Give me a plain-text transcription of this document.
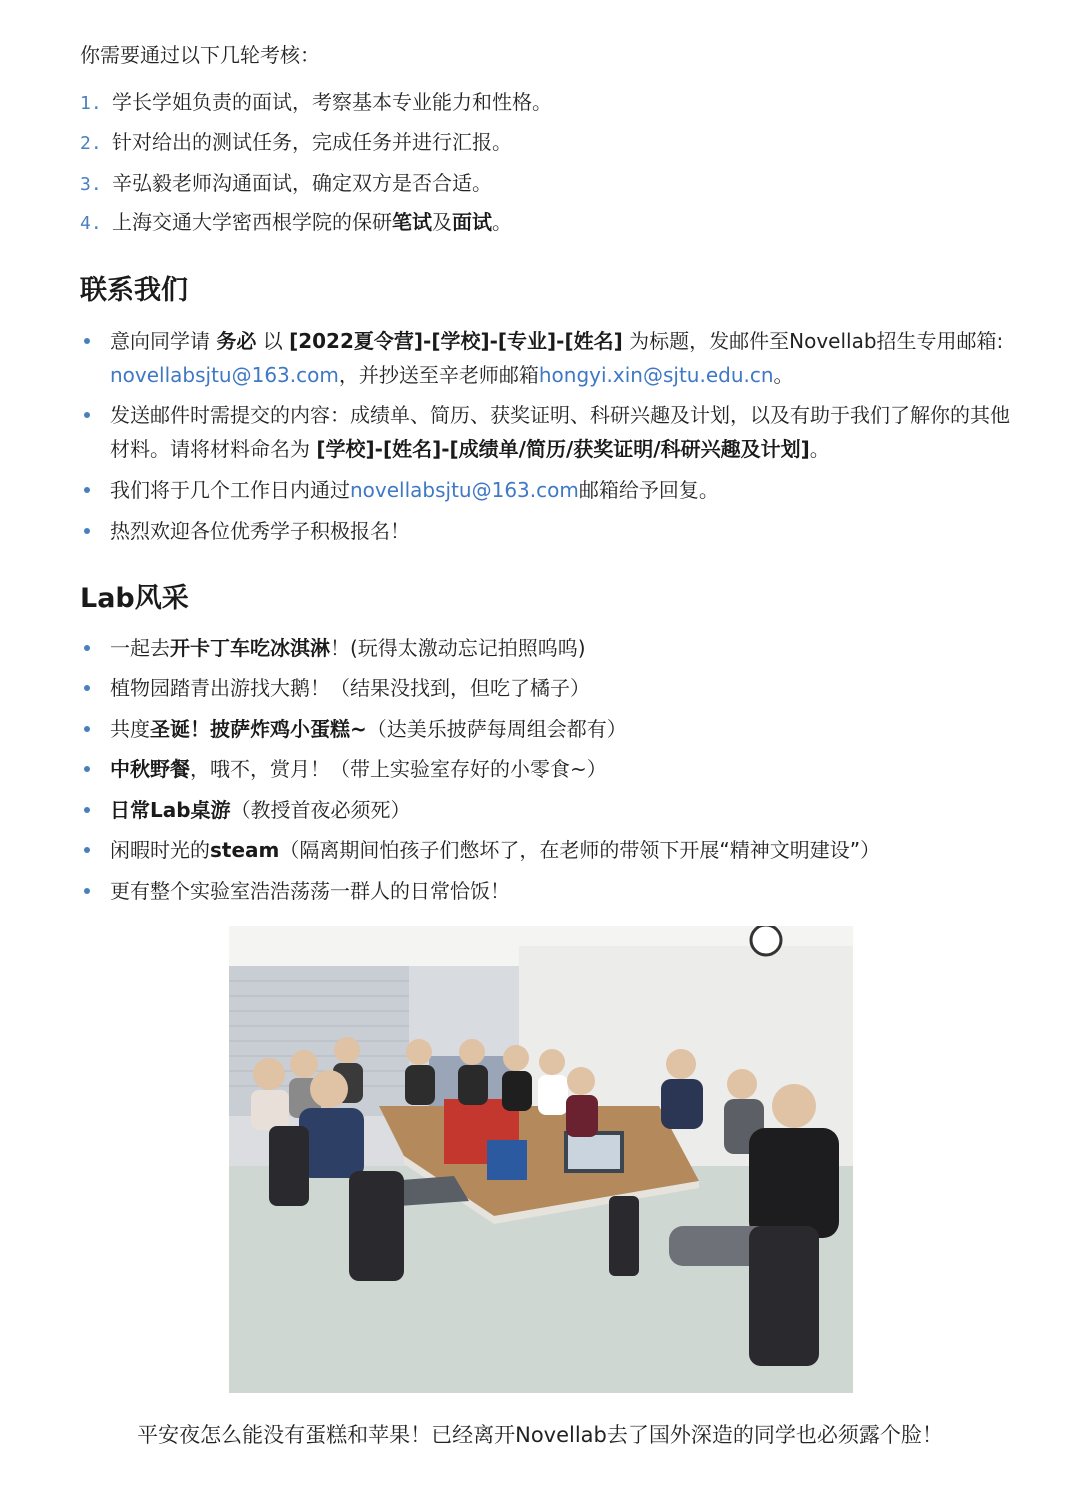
你需要通过以下几轮考核：
1. 学长学姐负责的面试，考察基本专业能力和性格。
2. 针对给出的测试任务，完成任务并进行汇报。
3. 辛弘毅老师沟通面试，确定双方是否合适。
4. 上海交通大学密西根学院的保研笔试及面试。
联系我们
意向同学请 务必 以 [2022夏令营]-[学校]-[专业]-[姓名] 为标题，发邮件至Novellab招生专用邮箱: novellabsjtu@163.com，并抄送至辛老师邮箱hongyi.xin@sjtu.edu.cn。
发送邮件时需提交的内容：成绩单、简历、获奖证明、科研兴趣及计划，以及有助于我们了解你的其他材料。请将材料命名为 [学校]-[姓名]-[成绩单/简历/获奖证明/科研兴趣及计划]。
我们将于几个工作日内通过novellabsjtu@163.com邮箱给予回复。
热烈欢迎各位优秀学子积极报名！
Lab风采
一起去开卡丁车吃冰淇淋！(玩得太激动忘记拍照呜呜)
植物园踏青出游找大鹅！（结果没找到，但吃了橘子）
共度圣诞！披萨炸鸡小蛋糕~（达美乐披萨每周组会都有）
中秋野餐，哦不，赏月！（带上实验室存好的小零食~）
日常Lab桌游（教授首夜必须死）
闲暇时光的steam（隔离期间怕孩子们憋坏了，在老师的带领下开展“精神文明建设”）
更有整个实验室浩浩荡荡一群人的日常恰饭！
平安夜怎么能没有蛋糕和苹果！已经离开Novellab去了国外深造的同学也必须露个脸！
